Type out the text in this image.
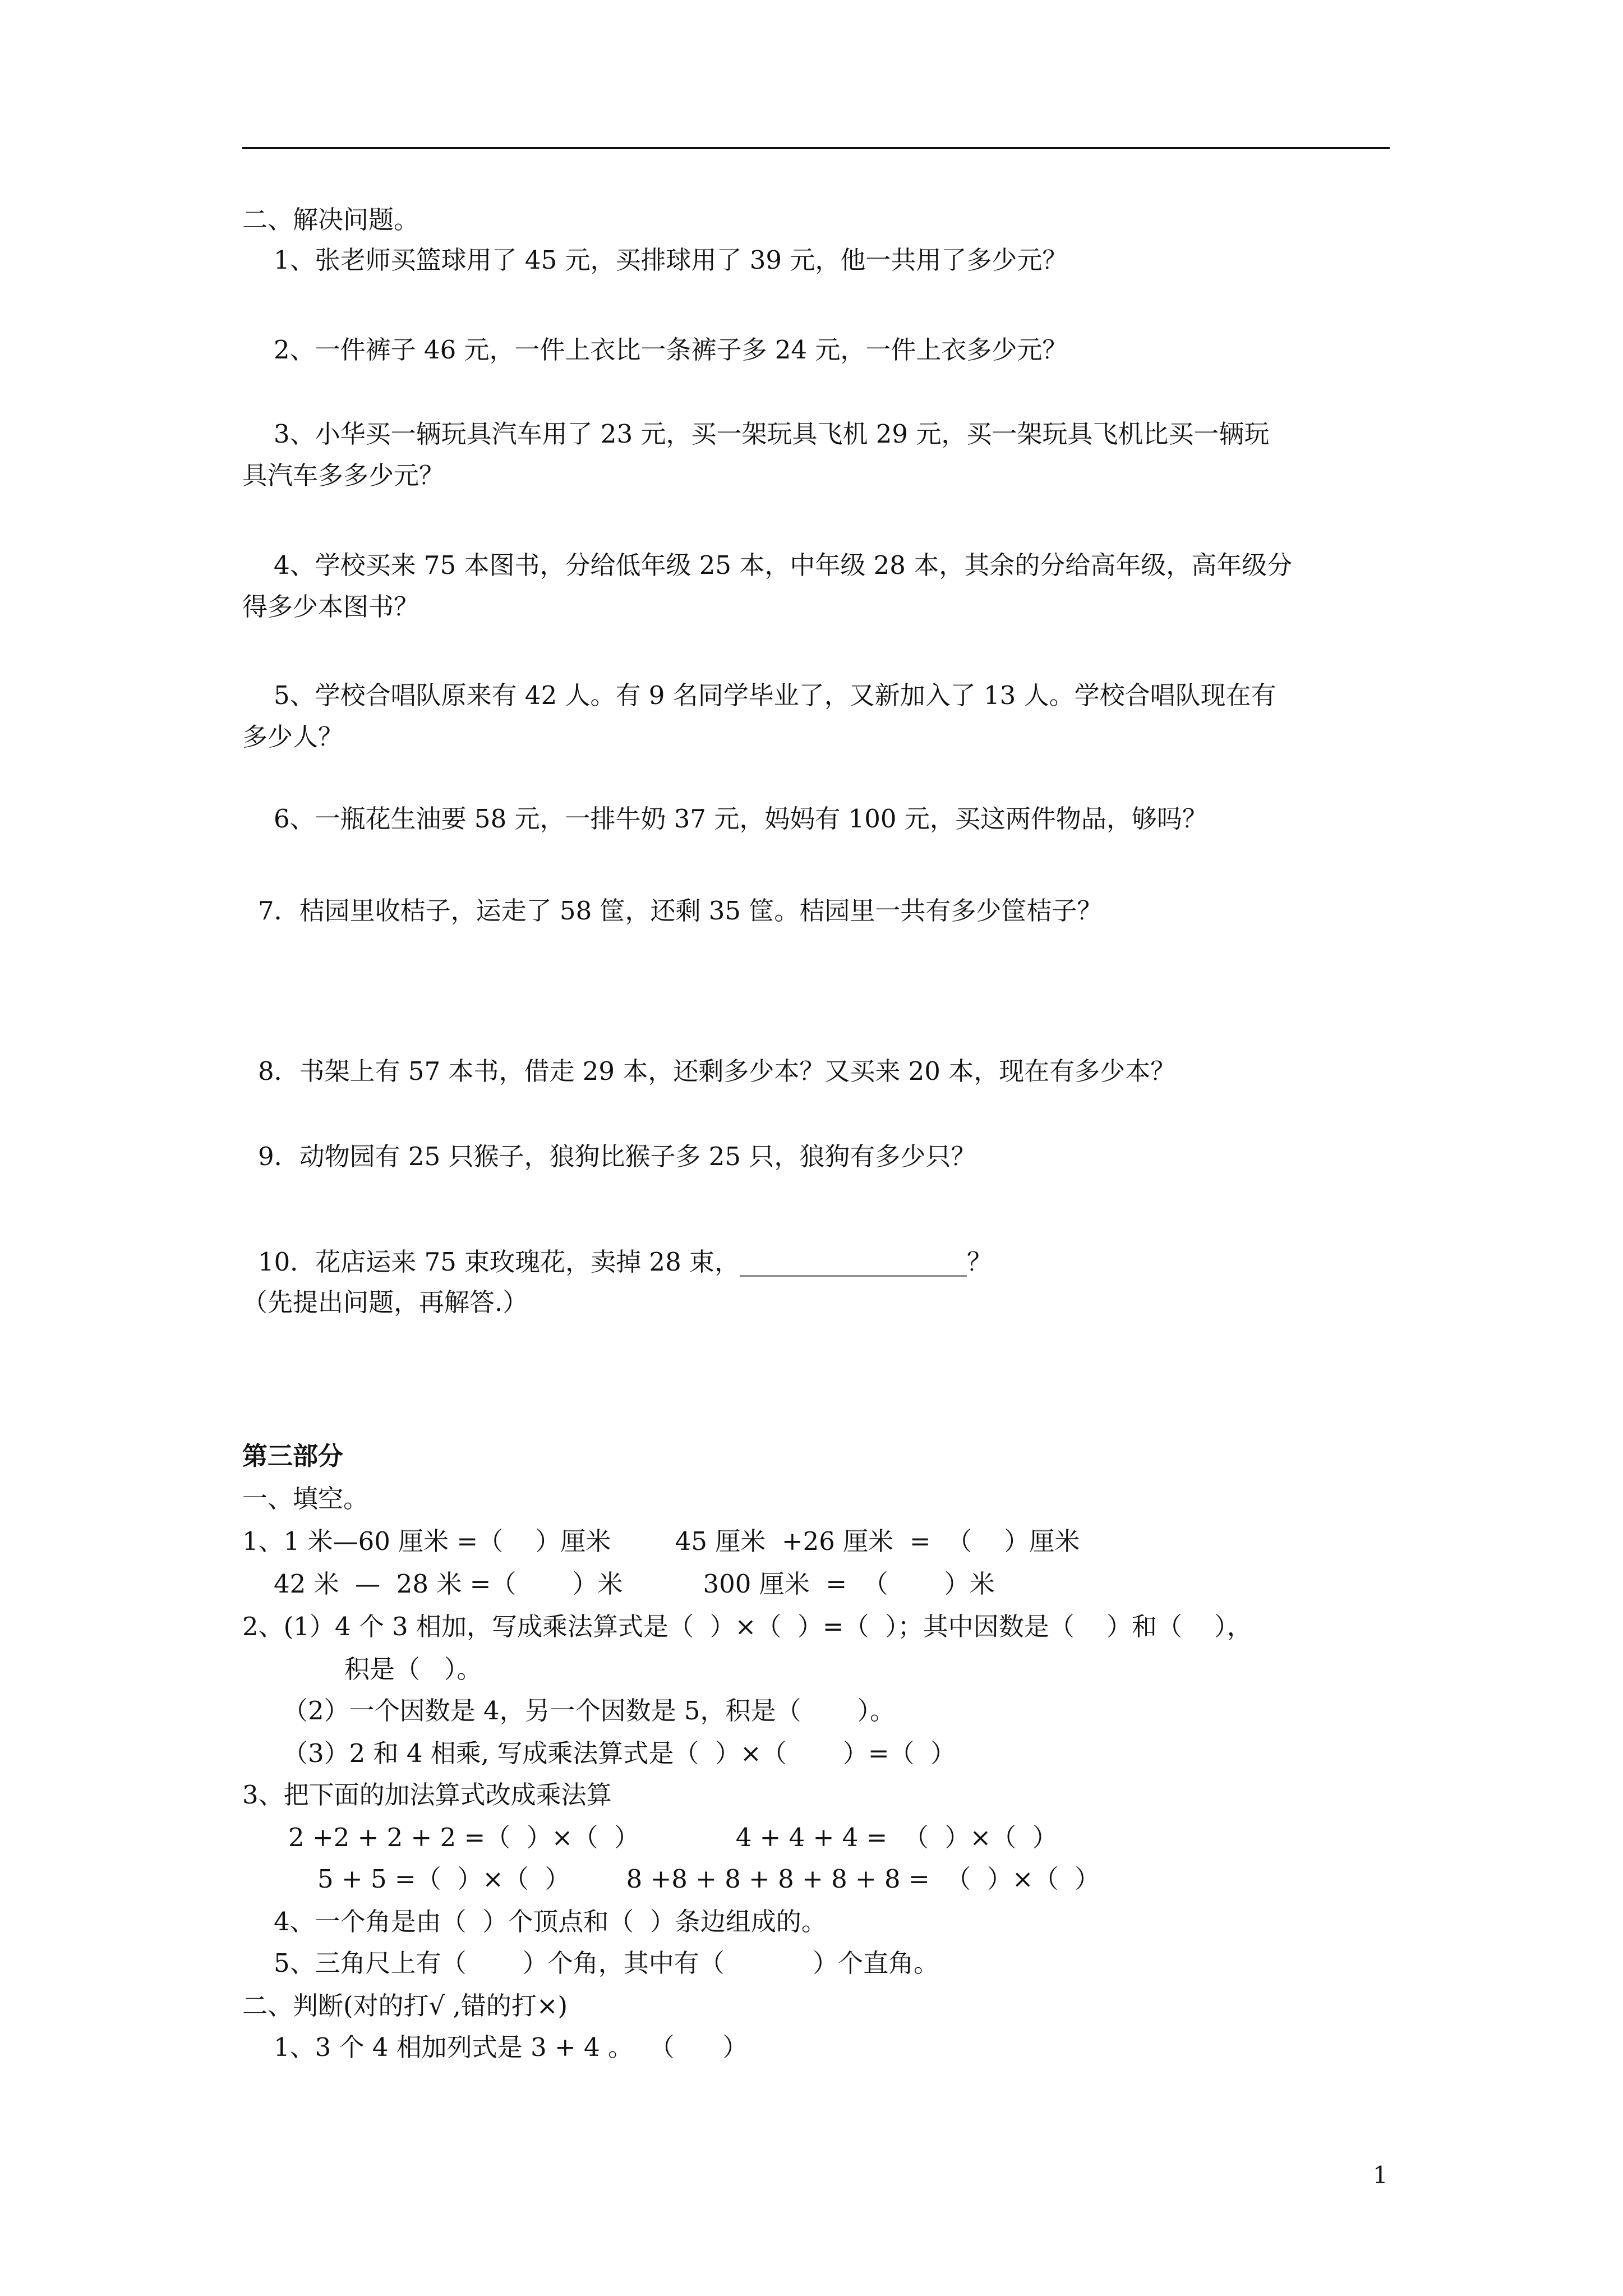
二、解决问题。
1、张老师买篮球用了 45 元，买排球用了 39 元，他一共用了多少元？
2、一件裤子 46 元，一件上衣比一条裤子多 24 元，一件上衣多少元？
3、小华买一辆玩具汽车用了 23 元，买一架玩具飞机 29 元，买一架玩具飞机比买一辆玩
具汽车多多少元？
4、学校买来 75 本图书，分给低年级 25 本，中年级 28 本，其余的分给高年级，高年级分
得多少本图书？
5、学校合唱队原来有 42 人。有 9 名同学毕业了，又新加入了 13 人。学校合唱队现在有
多少人？
6、一瓶花生油要 58 元，一排牛奶 37 元，妈妈有 100 元，买这两件物品，够吗？
7．桔园里收桔子，运走了 58 筐，还剩 35 筐。桔园里一共有多少筐桔子？
8．书架上有 57 本书，借走 29 本，还剩多少本？又买来 20 本，现在有多少本？
9．动物园有 25 只猴子，狼狗比猴子多 25 只，狼狗有多少只？
10．花店运来 75 束玫瑰花，卖掉 28 束，__________________？
（先提出问题，再解答.）
第三部分
一、填空。
1、1 米—60 厘米 =（    ）厘米        45 厘米  +26 厘米  =  （    ）厘米
42 米  —  28 米 =（       ）米          300 厘米  =  （       ）米
2、(1）4 个 3 相加，写成乘法算式是（  ）×（  ）=（  ）；其中因数是（    ）和（    ），
积是（   ）。
（2）一个因数是 4，另一个因数是 5，积是（       ）。
（3）2 和 4 相乘, 写成乘法算式是（  ）×（       ）=（  ）
3、把下面的加法算式改成乘法算
2 +2 + 2 + 2 =（  ）×（  ）            4 + 4 + 4 =  （  ）×（  ）
5 + 5 =（  ）×（  ）       8 +8 + 8 + 8 + 8 + 8 =  （  ）×（  ）
4、一个角是由（  ）个顶点和（  ）条边组成的。
5、三角尺上有（       ）个角，其中有（           ）个直角。
二、判断(对的打√ ,错的打×)
1、3 个 4 相加列式是 3 + 4 。  （      ）
1
